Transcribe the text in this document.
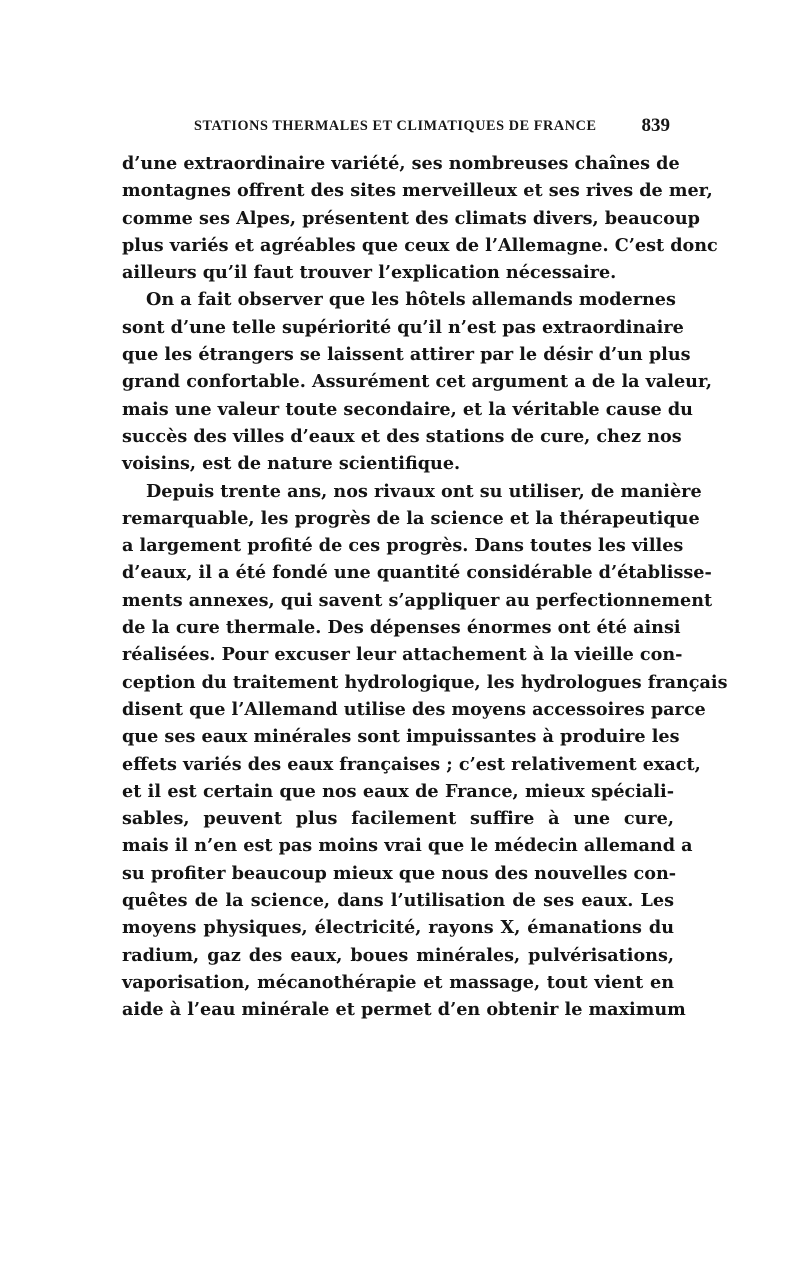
STATIONS THERMALES ET CLIMATIQUES DE FRANCE 839
d’une extraordinaire variété, ses nombreuses chaînes de
montagnes offrent des sites merveilleux et ses rives de mer,
comme ses Alpes, présentent des climats divers, beaucoup
plus variés et agréables que ceux de l’Allemagne. C’est donc
ailleurs qu’il faut trouver l’explication nécessaire.
On a fait observer que les hôtels allemands modernes
sont d’une telle supériorité qu’il n’est pas extraordinaire
que les étrangers se laissent attirer par le désir d’un plus
grand confortable. Assurément cet argument a de la valeur,
mais une valeur toute secondaire, et la véritable cause du
succès des villes d’eaux et des stations de cure, chez nos
voisins, est de nature scientifique.
Depuis trente ans, nos rivaux ont su utiliser, de manière
remarquable, les progrès de la science et la thérapeutique
a largement profité de ces progrès. Dans toutes les villes
d’eaux, il a été fondé une quantité considérable d’établisse-
ments annexes, qui savent s’appliquer au perfectionnement
de la cure thermale. Des dépenses énormes ont été ainsi
réalisées. Pour excuser leur attachement à la vieille con-
ception du traitement hydrologique, les hydrologues français
disent que l’Allemand utilise des moyens accessoires parce
que ses eaux minérales sont impuissantes à produire les
effets variés des eaux françaises ; c’est relativement exact,
et il est certain que nos eaux de France, mieux spéciali-
sables, peuvent plus facilement suffire à une cure,
mais il n’en est pas moins vrai que le médecin allemand a
su profiter beaucoup mieux que nous des nouvelles con-
quêtes de la science, dans l’utilisation de ses eaux. Les
moyens physiques, électricité, rayons X, émanations du
radium, gaz des eaux, boues minérales, pulvérisations,
vaporisation, mécanothérapie et massage, tout vient en
aide à l’eau minérale et permet d’en obtenir le maximum
